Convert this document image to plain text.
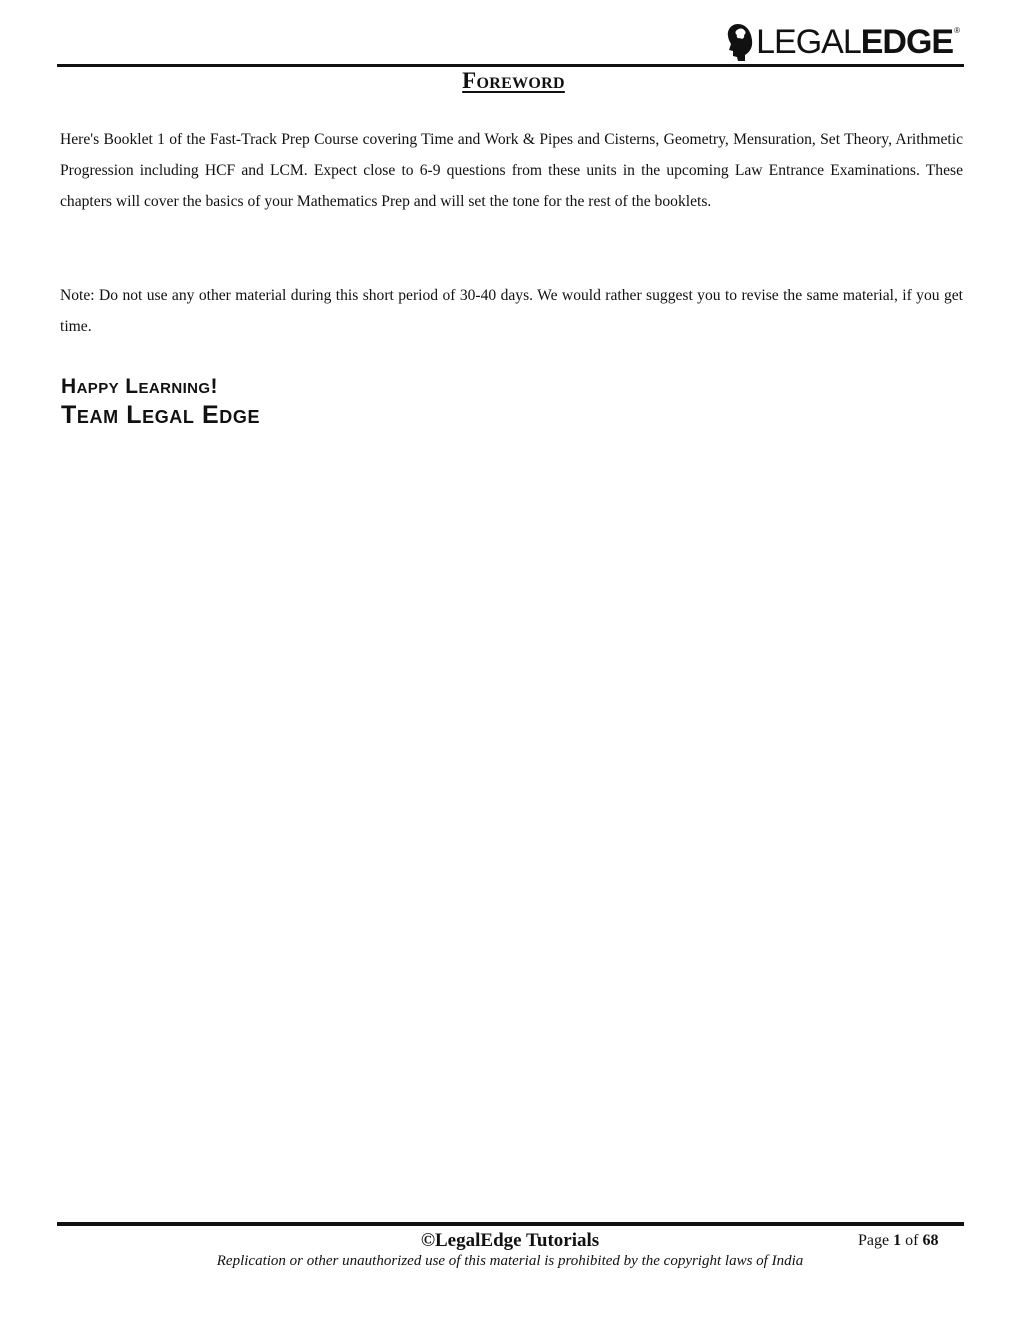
LEGALEDGE ®
Foreword

Here's Booklet 1 of the Fast-Track Prep Course covering Time and Work & Pipes and Cisterns, Geometry, Mensuration, Set Theory, Arithmetic Progression including HCF and LCM. Expect close to 6-9 questions from these units in the upcoming Law Entrance Examinations. These chapters will cover the basics of your Mathematics Prep and will set the tone for the rest of the booklets.

Note: Do not use any other material during this short period of 30-40 days. We would rather suggest you to revise the same material, if you get time.

Happy Learning!
Team Legal Edge
©LegalEdge Tutorials	Page 1 of 68
Replication or other unauthorized use of this material is prohibited by the copyright laws of India
